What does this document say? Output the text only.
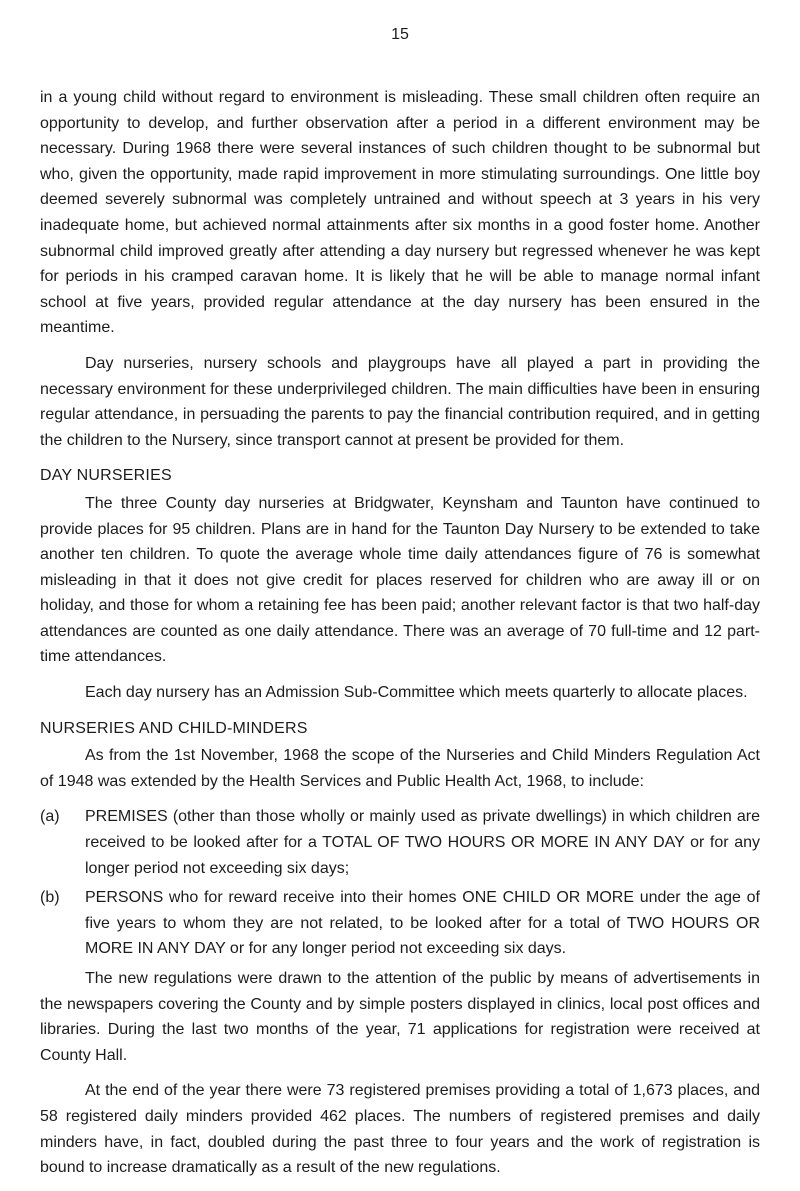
15

in a young child without regard to environment is misleading. These small children often require an opportunity to develop, and further observation after a period in a different environment may be necessary. During 1968 there were several instances of such children thought to be subnormal but who, given the opportunity, made rapid improvement in more stimulating surroundings. One little boy deemed severely subnormal was completely untrained and without speech at 3 years in his very inadequate home, but achieved normal attainments after six months in a good foster home. Another subnormal child improved greatly after attending a day nursery but regressed whenever he was kept for periods in his cramped caravan home. It is likely that he will be able to manage normal infant school at five years, provided regular attendance at the day nursery has been ensured in the meantime.

Day nurseries, nursery schools and playgroups have all played a part in providing the necessary environment for these underprivileged children. The main difficulties have been in ensuring regular attendance, in persuading the parents to pay the financial contribution required, and in getting the children to the Nursery, since transport cannot at present be provided for them.

DAY NURSERIES

The three County day nurseries at Bridgwater, Keynsham and Taunton have continued to provide places for 95 children. Plans are in hand for the Taunton Day Nursery to be extended to take another ten children. To quote the average whole time daily attendances figure of 76 is somewhat misleading in that it does not give credit for places reserved for children who are away ill or on holiday, and those for whom a retaining fee has been paid; another relevant factor is that two half-day attendances are counted as one daily attendance. There was an average of 70 full-time and 12 part-time attendances.

Each day nursery has an Admission Sub-Committee which meets quarterly to allocate places.

NURSERIES AND CHILD-MINDERS

As from the 1st November, 1968 the scope of the Nurseries and Child Minders Regulation Act of 1948 was extended by the Health Services and Public Health Act, 1968, to include:

(a) PREMISES (other than those wholly or mainly used as private dwellings) in which children are received to be looked after for a TOTAL OF TWO HOURS OR MORE IN ANY DAY or for any longer period not exceeding six days;
(b) PERSONS who for reward receive into their homes ONE CHILD OR MORE under the age of five years to whom they are not related, to be looked after for a total of TWO HOURS OR MORE IN ANY DAY or for any longer period not exceeding six days.

The new regulations were drawn to the attention of the public by means of advertisements in the newspapers covering the County and by simple posters displayed in clinics, local post offices and libraries. During the last two months of the year, 71 applications for registration were received at County Hall.

At the end of the year there were 73 registered premises providing a total of 1,673 places, and 58 registered daily minders provided 462 places. The numbers of registered premises and daily minders have, in fact, doubled during the past three to four years and the work of registration is bound to increase dramatically as a result of the new regulations.
